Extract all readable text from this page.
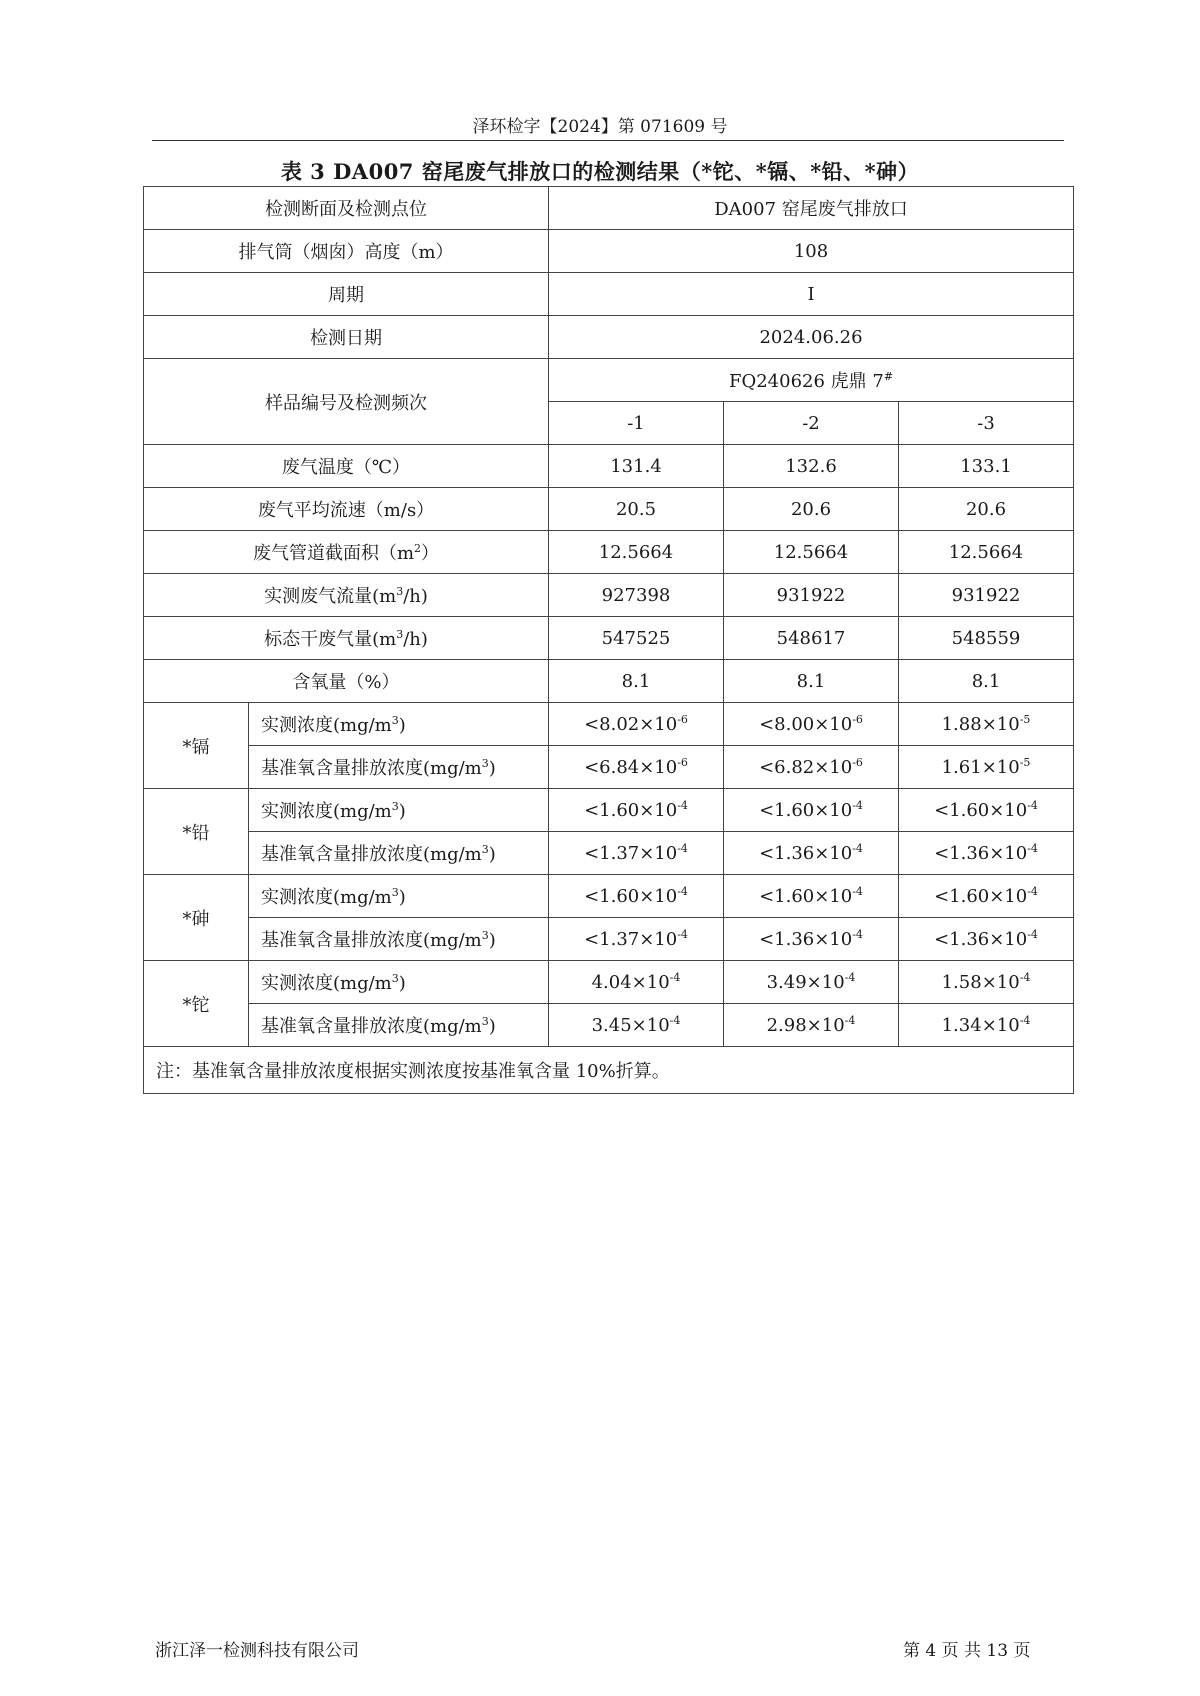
泽环检字【2024】第 071609 号
表 3 DA007 窑尾废气排放口的检测结果（*铊、*镉、*铅、*砷）
检测断面及检测点位		DA007 窑尾废气排放口		
排气筒（烟囱）高度（m）		108		
周期		I		
检测日期		2024.06.26		
样品编号及检测频次		FQ240626 虎鼎 7#
		-1	-2	-3
废气温度（℃）		131.4	132.6	133.1
废气平均流速（m/s）		20.5	20.6	20.6
废气管道截面积$(m^2)$		12.5664	12.5664	12.5664
实测废气流量$(m^3/h)$		927398	931922	931922
标态干废气量$(m^3/h)$		547525	548617	548559
含氧量（%）		8.1	8.1	8.1
*镉	实测浓度$(mg/m^3)$	$<8.02\times 10^{-6}$	$<8.00\times 10^{-6}$	$1.88\times 10^{-5}$
	基准氧含量排放浓度$(mg/m^3)$	$<6.84\times 10^{-6}$	$<6.82\times 10^{-6}$	$1.61\times 10^{-5}$
*铅	实测浓度$(mg/m^3)$	$<1.60\times 10^{-4}$	$<1.60\times 10^{-4}$	$<1.60\times 10^{-4}$
	基准氧含量排放浓度$(mg/m^3)$	$<1.37\times 10^{-4}$	$<1.36\times 10^{-4}$	$<1.36\times 10^{-4}$
*砷	实测浓度$(mg/m^3)$	$<1.60\times 10^{-4}$	$<1.60\times 10^{-4}$	$<1.60\times 10^{-4}$
	基准氧含量排放浓度$(mg/m^3)$	$<1.37\times 10^{-4}$	$<1.36\times 10^{-4}$	$<1.36\times 10^{-4}$
*铊	实测浓度$(mg/m^3)$	$4.04\times 10^{-4}$	$3.49\times 10^{-4}$	$1.58\times 10^{-4}$
	基准氧含量排放浓度$(mg/m^3)$	$3.45\times 10^{-4}$	$2.98\times 10^{-4}$	$1.34\times 10^{-4}$
注：基准氧含量排放浓度根据实测浓度按基准氧含量 10%折算。				
浙江泽一检测科技有限公司	第 4 页 共 13 页
